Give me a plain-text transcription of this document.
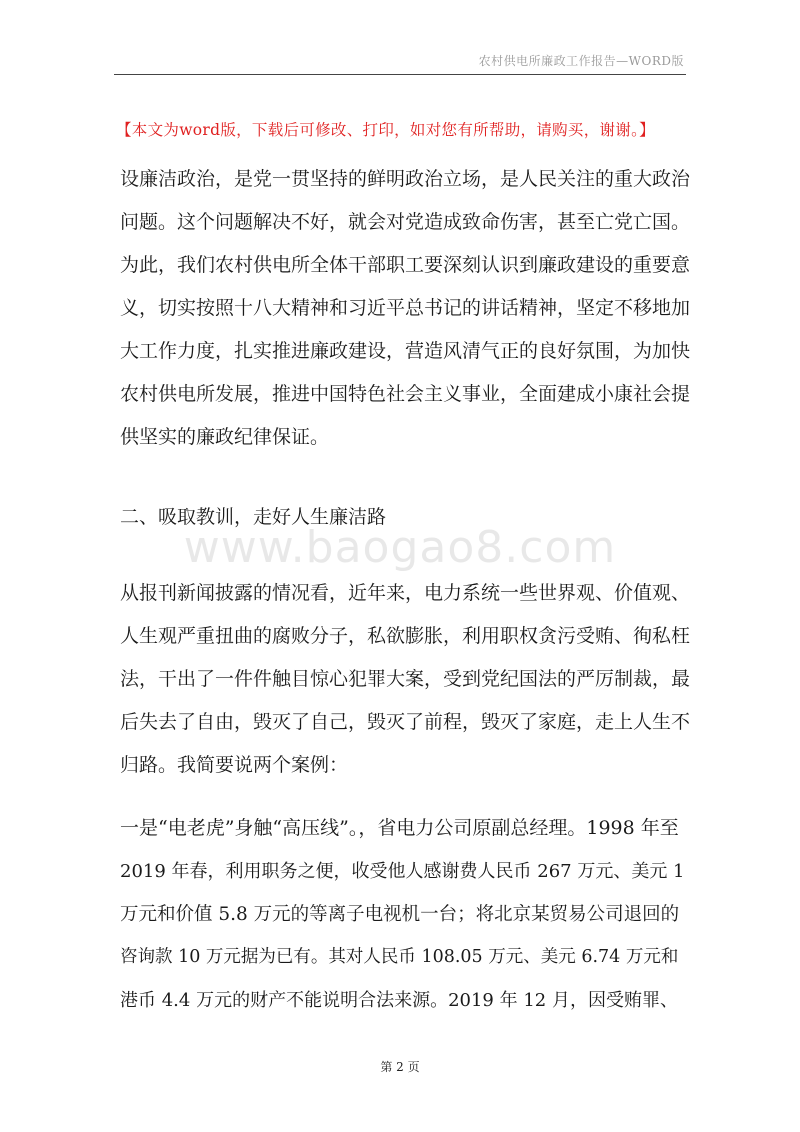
农村供电所廉政工作报告—WORD版
【本文为word版，下载后可修改、打印，如对您有所帮助，请购买，谢谢。】
设廉洁政治，是党一贯坚持的鲜明政治立场，是人民关注的重大政治
问题。这个问题解决不好，就会对党造成致命伤害，甚至亡党亡国。
为此，我们农村供电所全体干部职工要深刻认识到廉政建设的重要意
义，切实按照十八大精神和习近平总书记的讲话精神，坚定不移地加
大工作力度，扎实推进廉政建设，营造风清气正的良好氛围，为加快
农村供电所发展，推进中国特色社会主义事业，全面建成小康社会提
供坚实的廉政纪律保证。
二、吸取教训，走好人生廉洁路
www.baogao8.com
从报刊新闻披露的情况看，近年来，电力系统一些世界观、价值观、
人生观严重扭曲的腐败分子，私欲膨胀，利用职权贪污受贿、徇私枉
法，干出了一件件触目惊心犯罪大案，受到党纪国法的严厉制裁，最
后失去了自由，毁灭了自己，毁灭了前程，毁灭了家庭，走上人生不
归路。我简要说两个案例：
一是“电老虎”身触“高压线”。，省电力公司原副总经理。1998 年至
2019 年春，利用职务之便，收受他人感谢费人民币 267 万元、美元 1
万元和价值 5.8 万元的等离子电视机一台；将北京某贸易公司退回的
咨询款 10 万元据为已有。其对人民币 108.05 万元、美元 6.74 万元和
港币 4.4 万元的财产不能说明合法来源。2019 年 12 月，因受贿罪、
第 2 页
